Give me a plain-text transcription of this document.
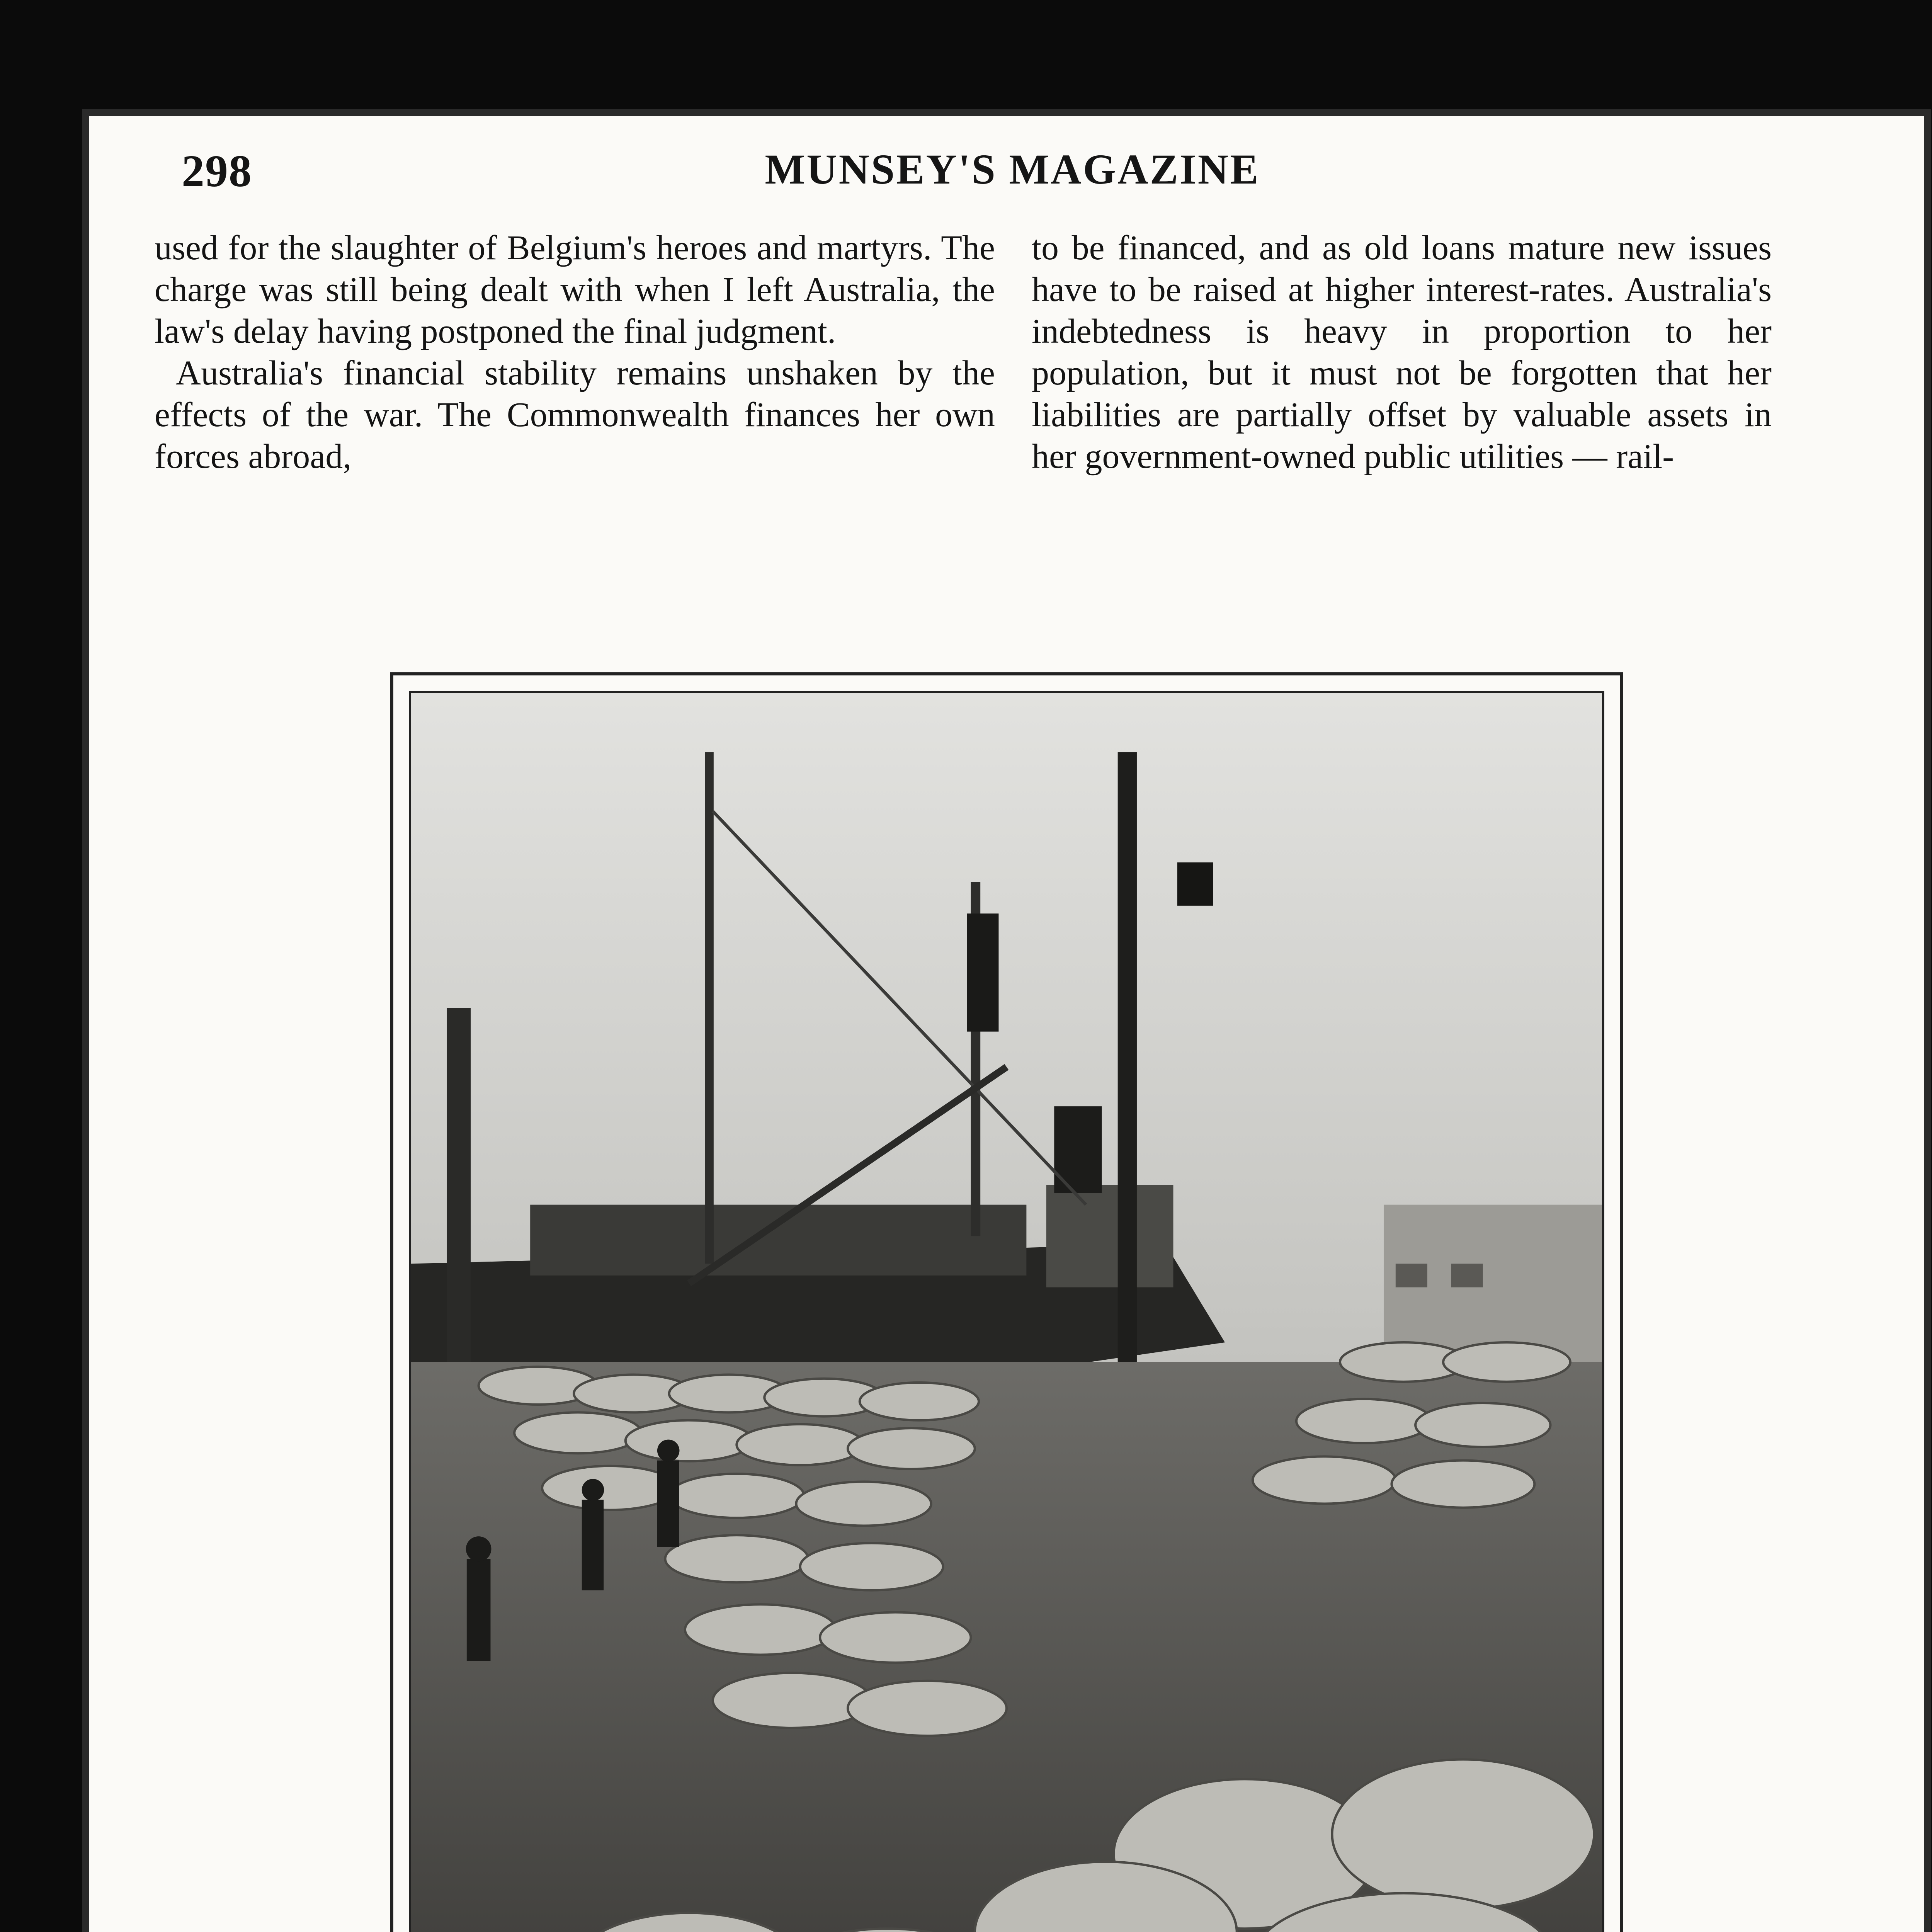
298	MUNSEY'S MAGAZINE

used for the slaughter of Belgium's heroes and martyrs. The charge was still being dealt with when I left Australia, the law's delay having postponed the final judgment.

Australia's financial stability remains unshaken by the effects of the war. The Commonwealth finances her own forces abroad,

to be financed, and as old loans mature new issues have to be raised at higher interest-rates. Australia's indebtedness is heavy in proportion to her population, but it must not be forgotten that her liabilities are partially offset by valuable assets in her government-owned public utilities — rail-
